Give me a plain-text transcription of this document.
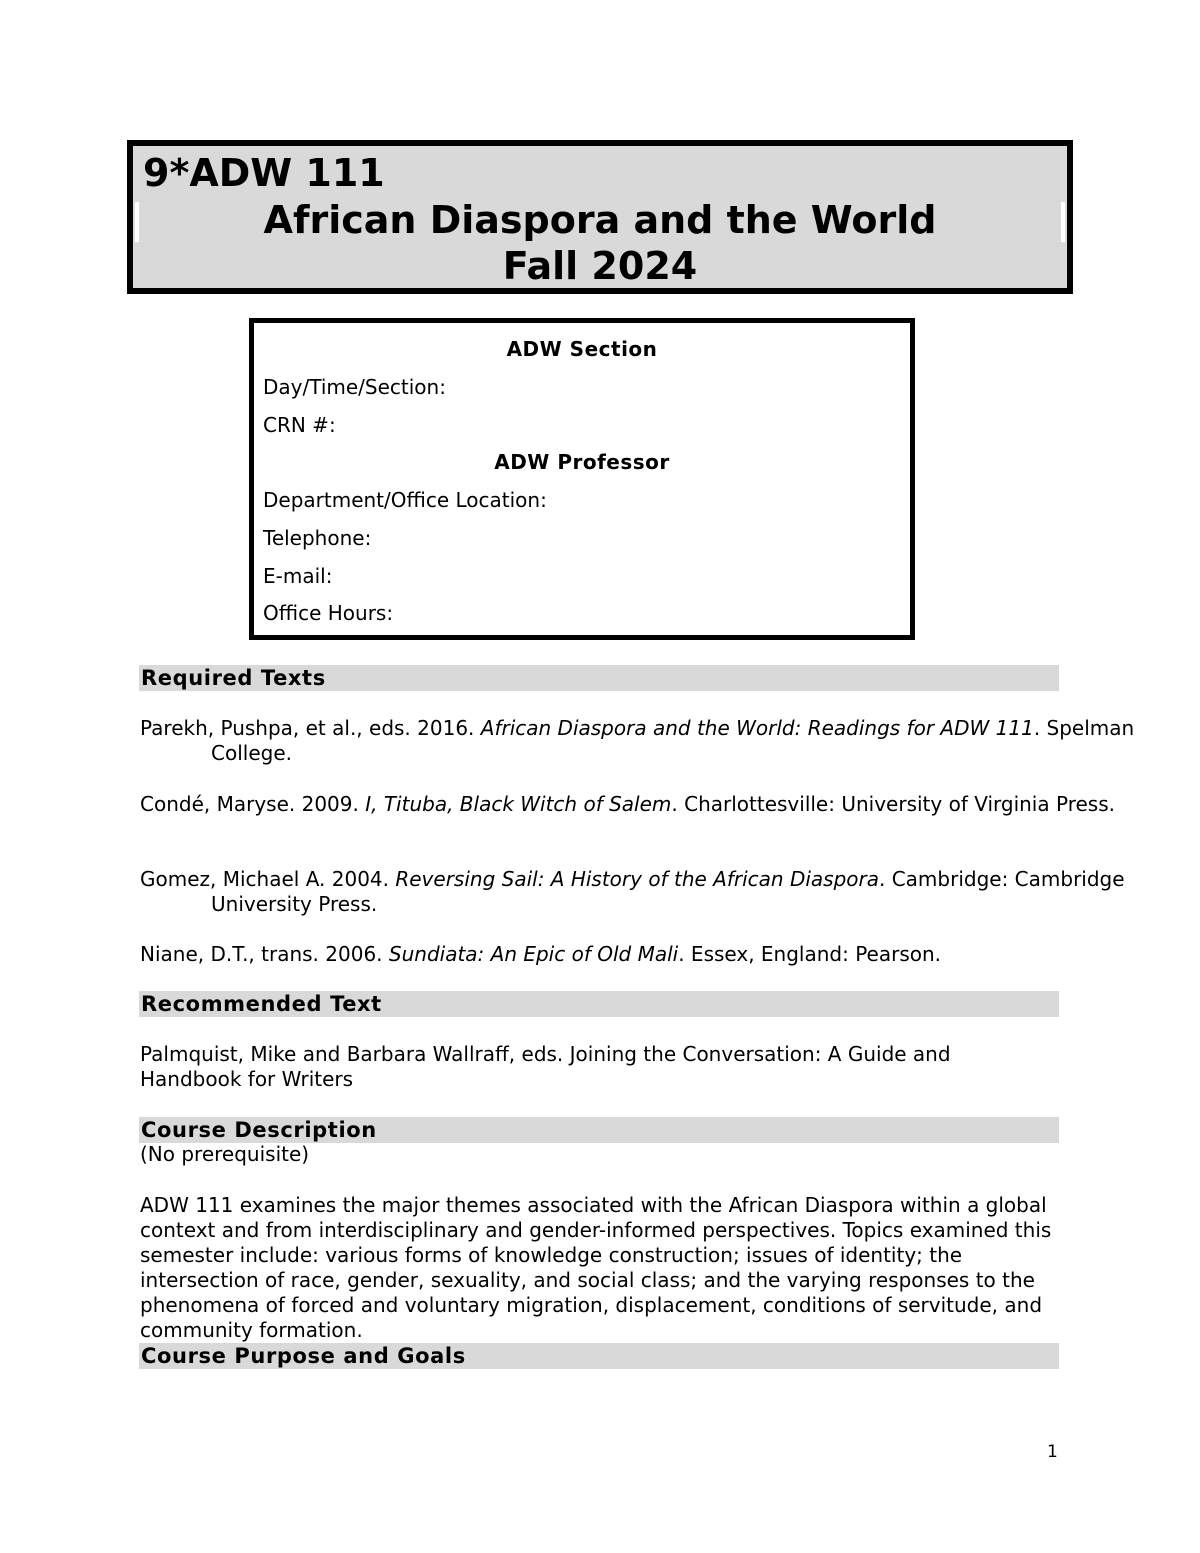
9*ADW 111
African Diaspora and the World
Fall 2024
ADW Section
Day/Time/Section:
CRN #:
ADW Professor
Department/Office Location:
Telephone:
E-mail:
Office Hours:
Required Texts
Parekh, Pushpa, et al., eds. 2016. African Diaspora and the World: Readings for ADW 111. Spelman College.
Condé, Maryse. 2009. I, Tituba, Black Witch of Salem. Charlottesville: University of Virginia Press.
Gomez, Michael A. 2004. Reversing Sail: A History of the African Diaspora. Cambridge: Cambridge University Press.
Niane, D.T., trans. 2006. Sundiata: An Epic of Old Mali. Essex, England: Pearson.
Recommended Text
Palmquist, Mike and Barbara Wallraff, eds. Joining the Conversation: A Guide and Handbook for Writers
Course Description
(No prerequisite)
ADW 111 examines the major themes associated with the African Diaspora within a global context and from interdisciplinary and gender-informed perspectives. Topics examined this semester include: various forms of knowledge construction; issues of identity; the intersection of race, gender, sexuality, and social class; and the varying responses to the phenomena of forced and voluntary migration, displacement, conditions of servitude, and community formation.
Course Purpose and Goals
1
